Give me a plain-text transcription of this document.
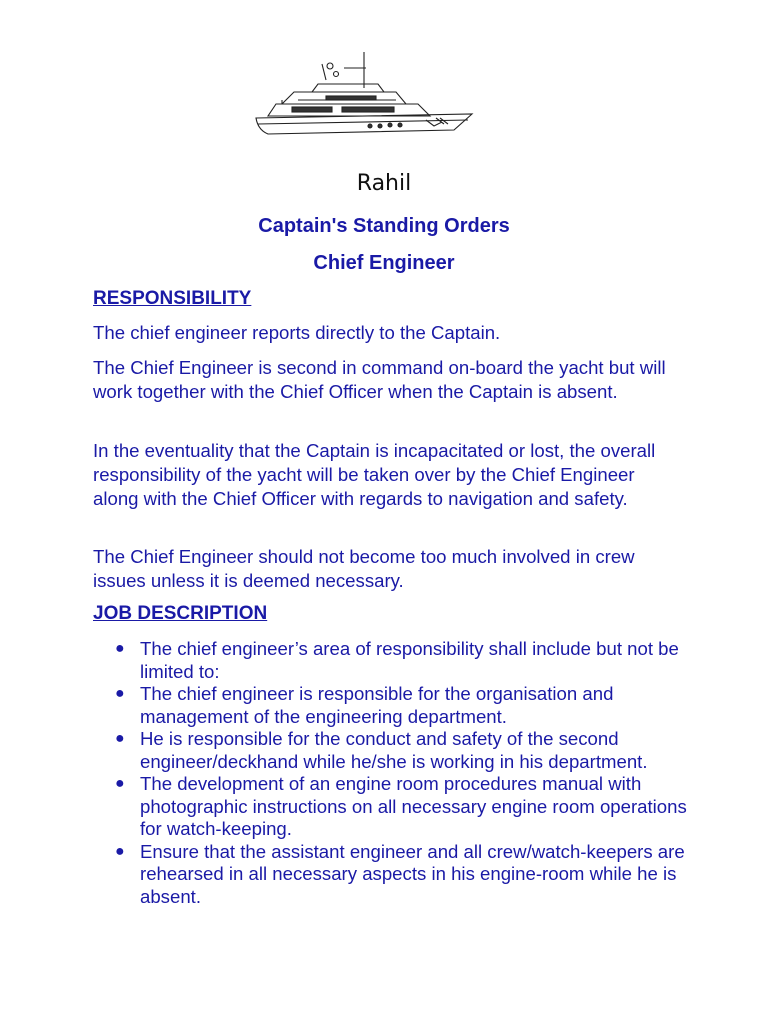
Rahil
Captain's Standing Orders
Chief Engineer
RESPONSIBILITY

The chief engineer reports directly to the Captain.

The Chief Engineer is second in command on-board the yacht but will work together with the Chief Officer when the Captain is absent.

In the eventuality that the Captain is incapacitated or lost, the overall responsibility of the yacht will be taken over by the Chief Engineer along with the Chief Officer with regards to navigation and safety.

The Chief Engineer should not become too much involved in crew issues unless it is deemed necessary.

JOB DESCRIPTION
● The chief engineer’s area of responsibility shall include but not be limited to:
● The chief engineer is responsible for the organisation and management of the engineering department.
● He is responsible for the conduct and safety of the second engineer/deckhand while he/she is working in his department.
● The development of an engine room procedures manual with photographic instructions on all necessary engine room operations for watch-keeping.
● Ensure that the assistant engineer and all crew/watch-keepers are rehearsed in all necessary aspects in his engine-room while he is absent.
